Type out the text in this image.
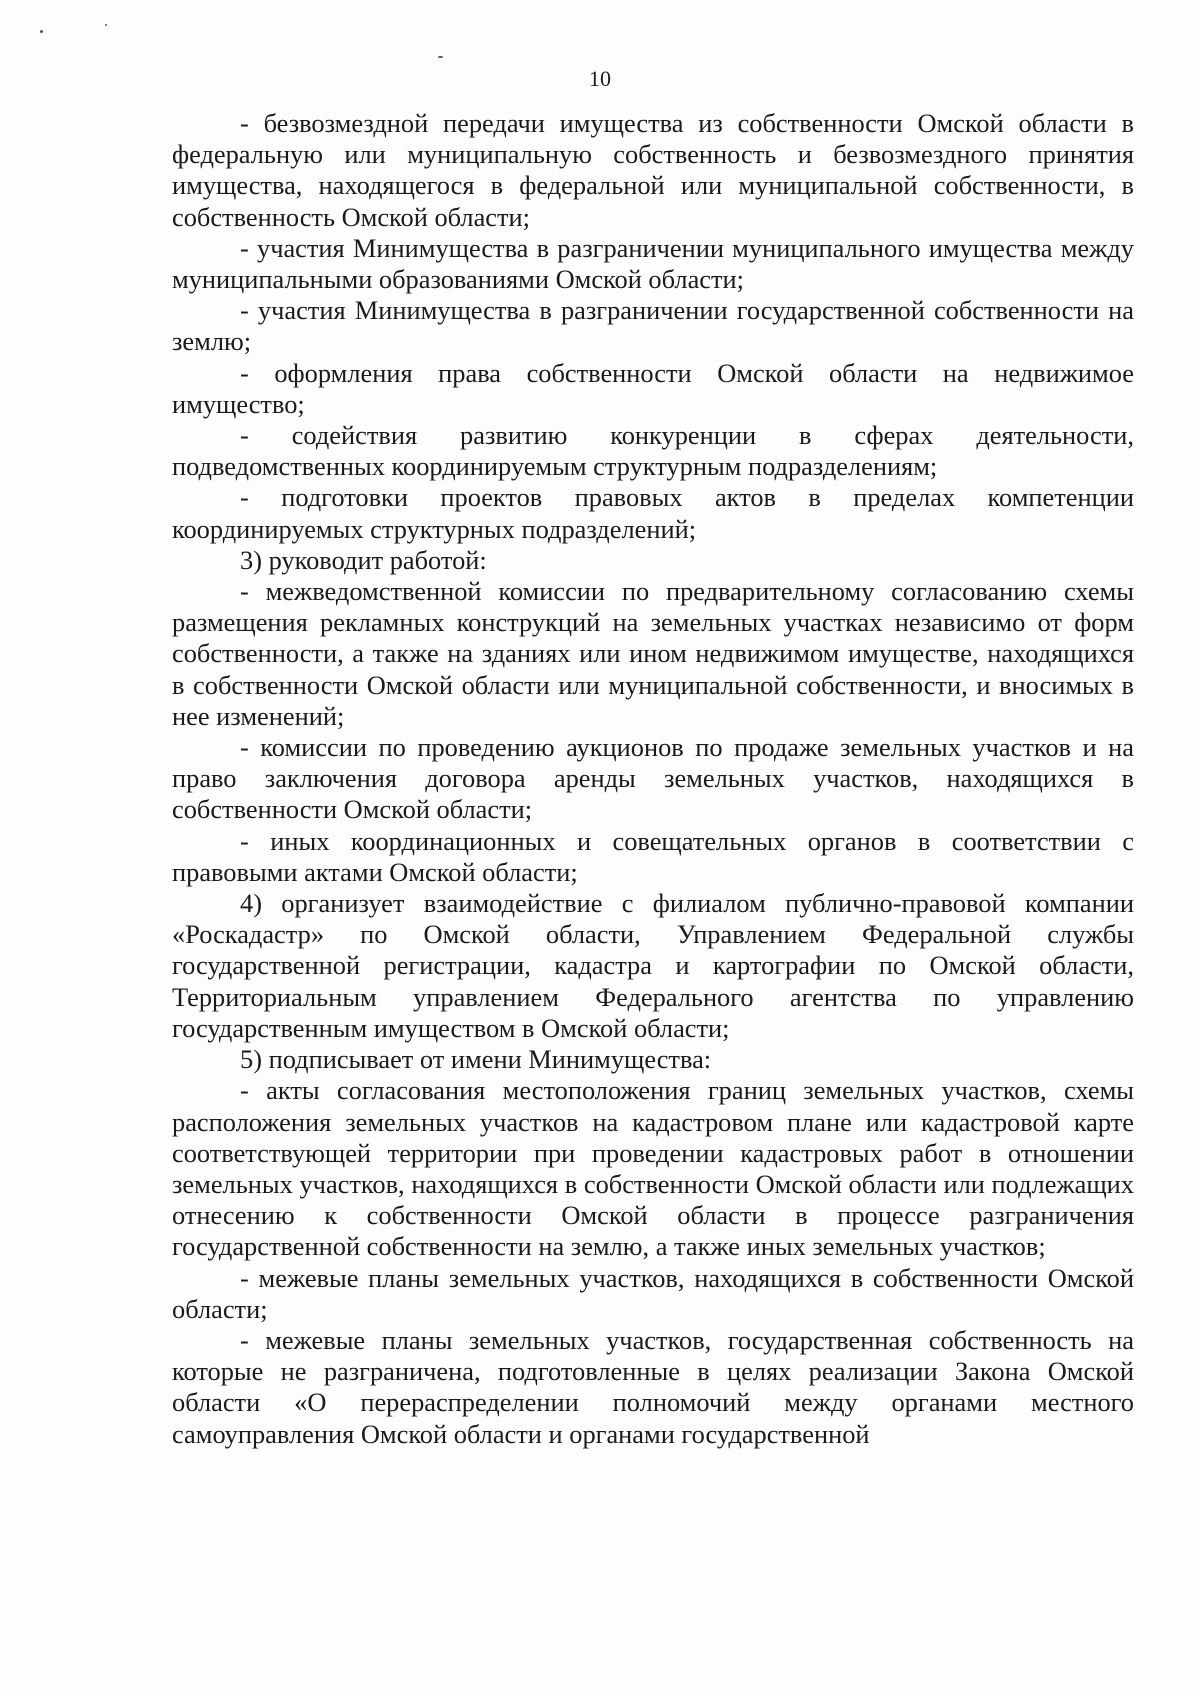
10

- безвозмездной передачи имущества из собственности Омской области в федеральную или муниципальную собственность и безвозмездного принятия имущества, находящегося в федеральной или муниципальной собственности, в собственность Омской области;

- участия Минимущества в разграничении муниципального имущества между муниципальными образованиями Омской области;

- участия Минимущества в разграничении государственной собственности на землю;

- оформления права собственности Омской области на недвижимое имущество;

- содействия развитию конкуренции в сферах деятельности, подведомственных координируемым структурным подразделениям;

- подготовки проектов правовых актов в пределах компетенции координируемых структурных подразделений;

3) руководит работой:

- межведомственной комиссии по предварительному согласованию схемы размещения рекламных конструкций на земельных участках независимо от форм собственности, а также на зданиях или ином недвижимом имуществе, находящихся в собственности Омской области или муниципальной собственности, и вносимых в нее изменений;

- комиссии по проведению аукционов по продаже земельных участков и на право заключения договора аренды земельных участков, находящихся в собственности Омской области;

- иных координационных и совещательных органов в соответствии с правовыми актами Омской области;

4) организует взаимодействие с филиалом публично-правовой компании «Роскадастр» по Омской области, Управлением Федеральной службы государственной регистрации, кадастра и картографии по Омской области, Территориальным управлением Федерального агентства по управлению государственным имуществом в Омской области;

5) подписывает от имени Минимущества:

- акты согласования местоположения границ земельных участков, схемы расположения земельных участков на кадастровом плане или кадастровой карте соответствующей территории при проведении кадастровых работ в отношении земельных участков, находящихся в собственности Омской области или подлежащих отнесению к собственности Омской области в процессе разграничения государственной собственности на землю, а также иных земельных участков;

- межевые планы земельных участков, находящихся в собственности Омской области;

- межевые планы земельных участков, государственная собственность на которые не разграничена, подготовленные в целях реализации Закона Омской области «О перераспределении полномочий между органами местного самоуправления Омской области и органами государственной
